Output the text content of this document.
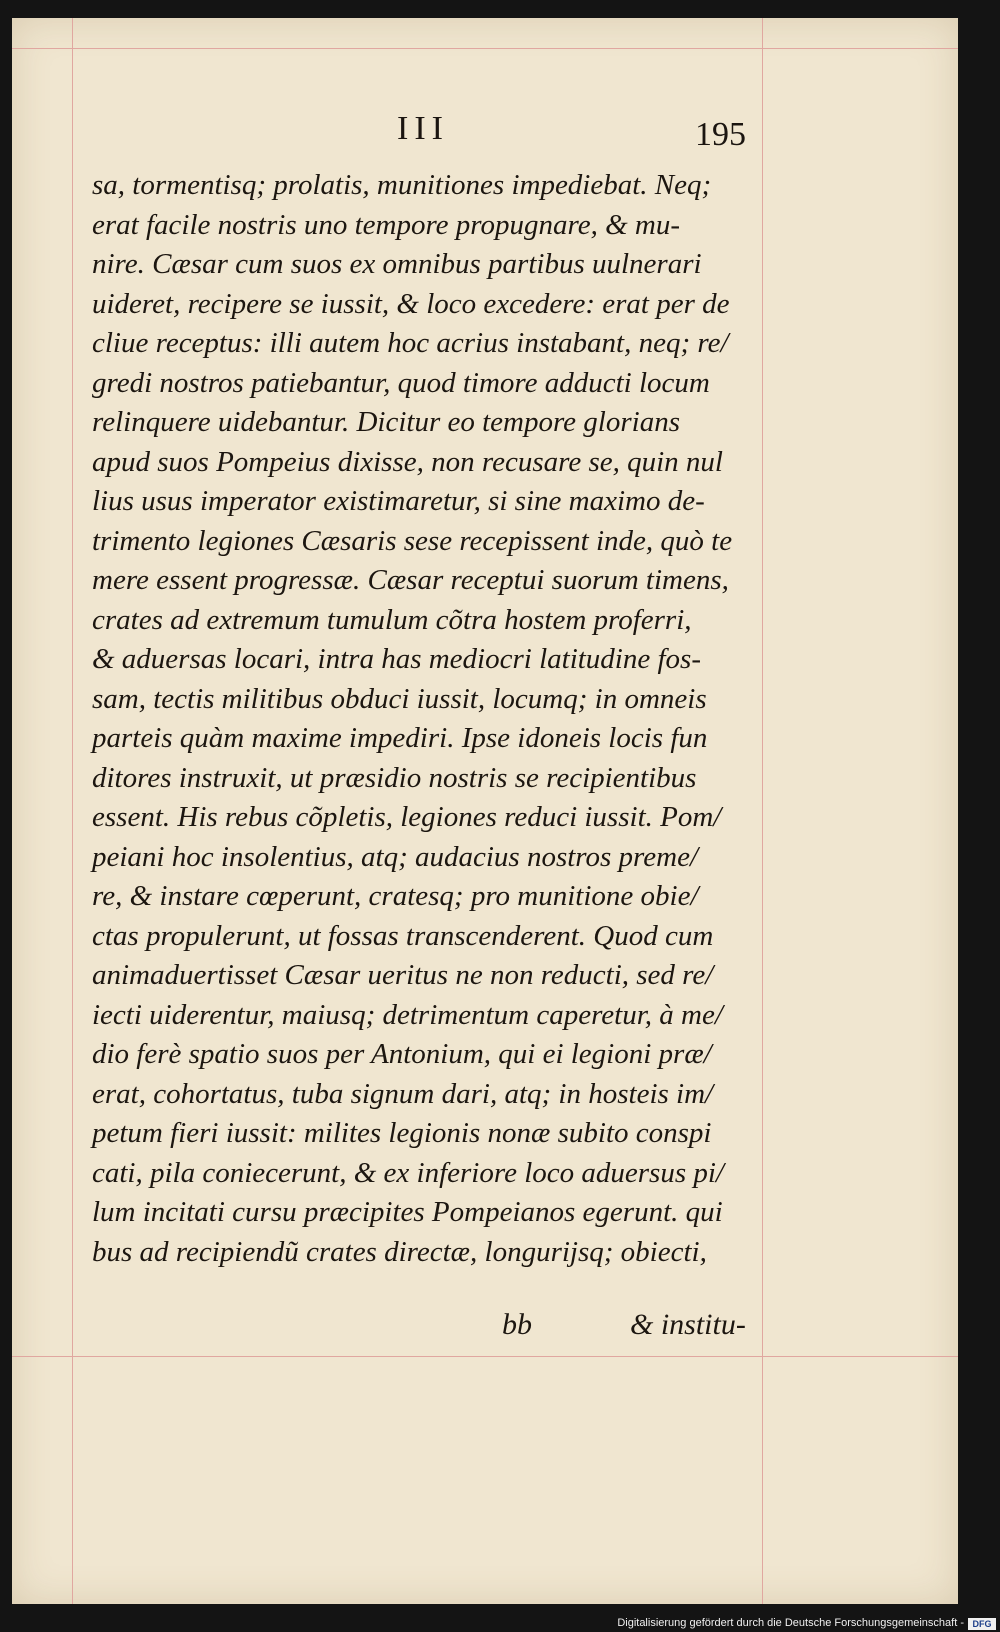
III	195
sa, tormentisq; prolatis, munitiones impediebat. Neq;
erat facile nostris uno tempore propugnare, & mu-
nire. Cæsar cum suos ex omnibus partibus uulnerari
uideret, recipere se iussit, & loco excedere: erat per de
cliue receptus: illi autem hoc acrius instabant, neq; re/
gredi nostros patiebantur, quod timore adducti locum
relinquere uidebantur. Dicitur eo tempore glorians
apud suos Pompeius dixisse, non recusare se, quin nul
lius usus imperator existimaretur, si sine maximo de-
trimento legiones Cæsaris sese recepissent inde, quò te
mere essent progressæ. Cæsar receptui suorum timens,
crates ad extremum tumulum cõtra hostem proferri,
& aduersas locari, intra has mediocri latitudine fos-
sam, tectis militibus obduci iussit, locumq; in omneis
parteis quàm maxime impediri. Ipse idoneis locis fun
ditores instruxit, ut præsidio nostris se recipientibus
essent. His rebus cõpletis, legiones reduci iussit. Pom/
peiani hoc insolentius, atq; audacius nostros preme/
re, & instare cœperunt, cratesq; pro munitione obie/
ctas propulerunt, ut fossas transcenderent. Quod cum
animaduertisset Cæsar ueritus ne non reducti, sed re/
iecti uiderentur, maiusq; detrimentum caperetur, à me/
dio ferè spatio suos per Antonium, qui ei legioni præ/
erat, cohortatus, tuba signum dari, atq; in hosteis im/
petum fieri iussit: milites legionis nonæ subito conspi
cati, pila coniecerunt, & ex inferiore loco aduersus pi/
lum incitati cursu præcipites Pompeianos egerunt. qui
bus ad recipiendũ crates directæ, longurijsq; obiecti,
bb	& institu-
Digitalisierung gefördert durch die Deutsche Forschungsgemeinschaft - DFG
